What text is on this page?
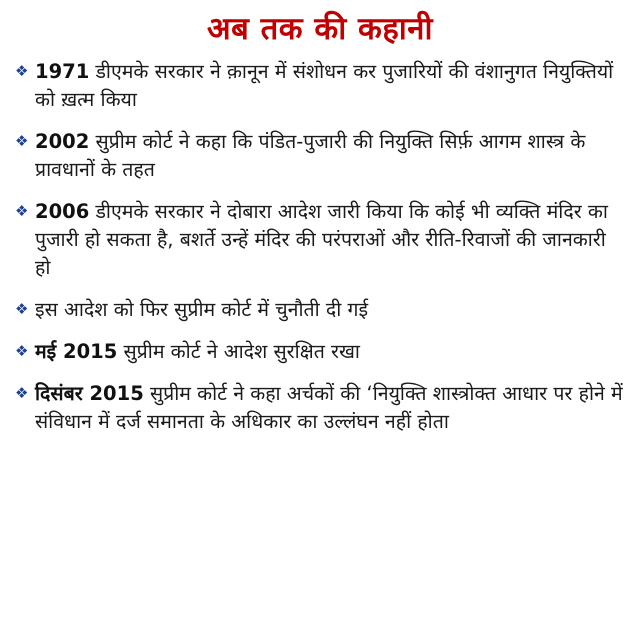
अब तक की कहानी
❖ 1971 डीएमके सरकार ने क़ानून में संशोधन कर पुजारियों की वंशानुगत नियुक्तियों को ख़त्म किया
❖ 2002 सुप्रीम कोर्ट ने कहा कि पंडित-पुजारी की नियुक्ति सिर्फ़ आगम शास्त्र के प्रावधानों के तहत
❖ 2006 डीएमके सरकार ने दोबारा आदेश जारी किया कि कोई भी व्यक्ति मंदिर का पुजारी हो सकता है, बशर्ते उन्हें मंदिर की परंपराओं और रीति-रिवाजों की जानकारी हो
❖ इस आदेश को फिर सुप्रीम कोर्ट में चुनौती दी गई
❖ मई 2015 सुप्रीम कोर्ट ने आदेश सुरक्षित रखा
❖ दिसंबर 2015 सुप्रीम कोर्ट ने कहा अर्चकों की ‘नियुक्ति शास्त्रोक्त आधार पर होने में संविधान में दर्ज समानता के अधिकार का उल्लंघन नहीं होता
